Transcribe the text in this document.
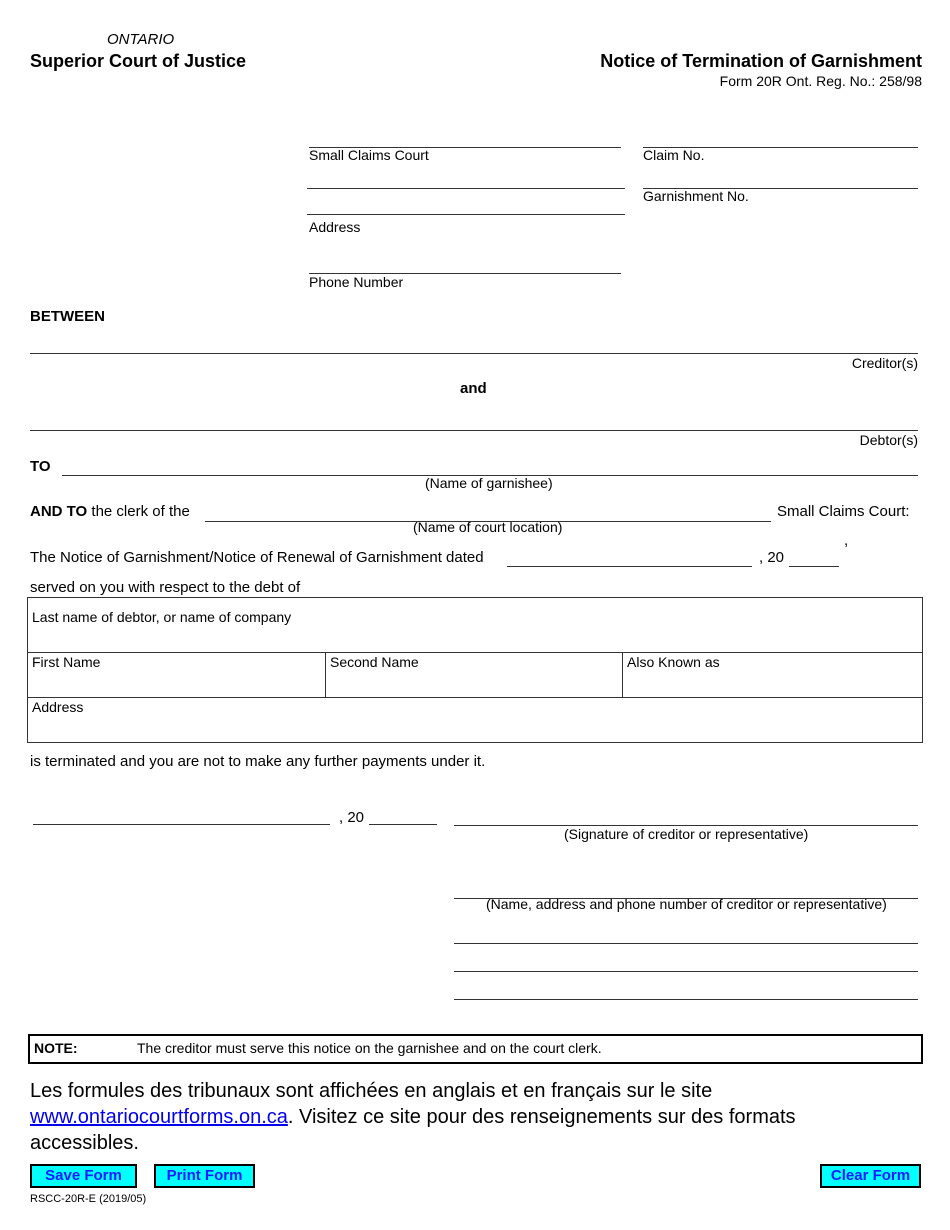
ONTARIO
Superior Court of Justice	Notice of Termination of Garnishment
Form 20R Ont. Reg. No.: 258/98
Small Claims Court	Claim No.
Garnishment No.
Address
Phone Number
BETWEEN
Creditor(s)
and
Debtor(s)
TO
(Name of garnishee)
AND TO the clerk of the	Small Claims Court:
(Name of court location)
The Notice of Garnishment/Notice of Renewal of Garnishment dated	, 20
,
served on you with respect to the debt of
Last name of debtor, or name of company
First Name	Second Name	Also Known as
Address
is terminated and you are not to make any further payments under it.
, 20
(Signature of creditor or representative)
(Name, address and phone number of creditor or representative)
NOTE:	The creditor must serve this notice on the garnishee and on the court clerk.
Les formules des tribunaux sont affichées en anglais et en français sur le site www.ontariocourtforms.on.ca. Visitez ce site pour des renseignements sur des formats accessibles.
Save Form	Print Form	Clear Form
RSCC-20R-E (2019/05)
